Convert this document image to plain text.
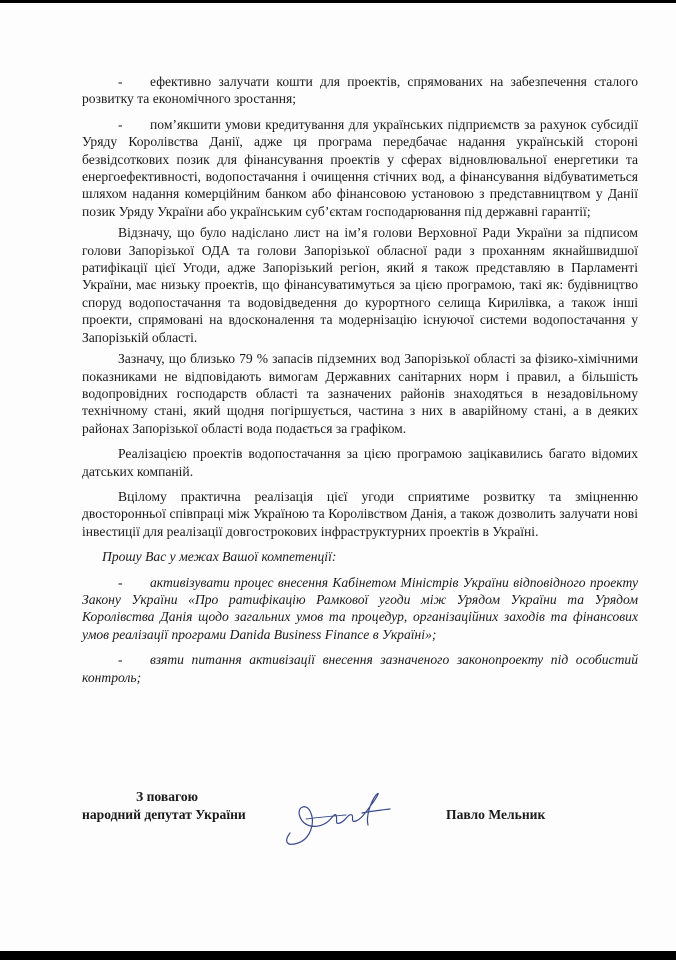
- ефективно залучати кошти для проектів, спрямованих на забезпечення сталого розвитку та економічного зростання;

- пом’якшити умови кредитування для українських підприємств за рахунок субсидії Уряду Королівства Данії, адже ця програма передбачає надання українській стороні безвідсоткових позик для фінансування проектів у сферах відновлювальної енергетики та енергоефективності, водопостачання і очищення стічних вод, а фінансування відбуватиметься шляхом надання комерційним банком або фінансовою установою з представництвом у Данії позик Уряду України або українським суб’єктам господарювання під державні гарантії;

Відзначу, що було надіслано лист на ім’я голови Верховної Ради України за підписом голови Запорізької ОДА та голови Запорізької обласної ради з проханням якнайшвидшої ратифікації цієї Угоди, адже Запорізький регіон, який я також представляю в Парламенті України, має низьку проектів, що фінансуватимуться за цією програмою, такі як: будівництво споруд водопостачання та водовідведення до курортного селища Кирилівка, а також інші проекти, спрямовані на вдосконалення та модернізацію існуючої системи водопостачання у Запорізькій області.

Зазначу, що близько 79 % запасів підземних вод Запорізької області за фізико-хімічними показниками не відповідають вимогам Державних санітарних норм і правил, а більшість водопровідних господарств області та зазначених районів знаходяться в незадовільному технічному стані, який щодня погіршується, частина з них в аварійному стані, а в деяких районах Запорізької області вода подається за графіком.

Реалізацією проектів водопостачання за цією програмою зацікавились багато відомих датських компаній.

Вцілому практична реалізація цієї угоди сприятиме розвитку та зміцненню двосторонньої співпраці між Україною та Королівством Данія, а також дозволить залучати нові інвестиції для реалізації довгострокових інфраструктурних проектів в Україні.

Прошу Вас у межах Вашої компетенції:

- активізувати процес внесення Кабінетом Міністрів України відповідного проекту Закону України «Про ратифікацію Рамкової угоди між Урядом України та Урядом Королівства Данія щодо загальних умов та процедур, організаційних заходів та фінансових умов реалізації програми Danida Business Finance в Україні»;

- взяти питання активізації внесення зазначеного законопроекту під особистий контроль;

З повагою
народний депутат України	Павло Мельник
